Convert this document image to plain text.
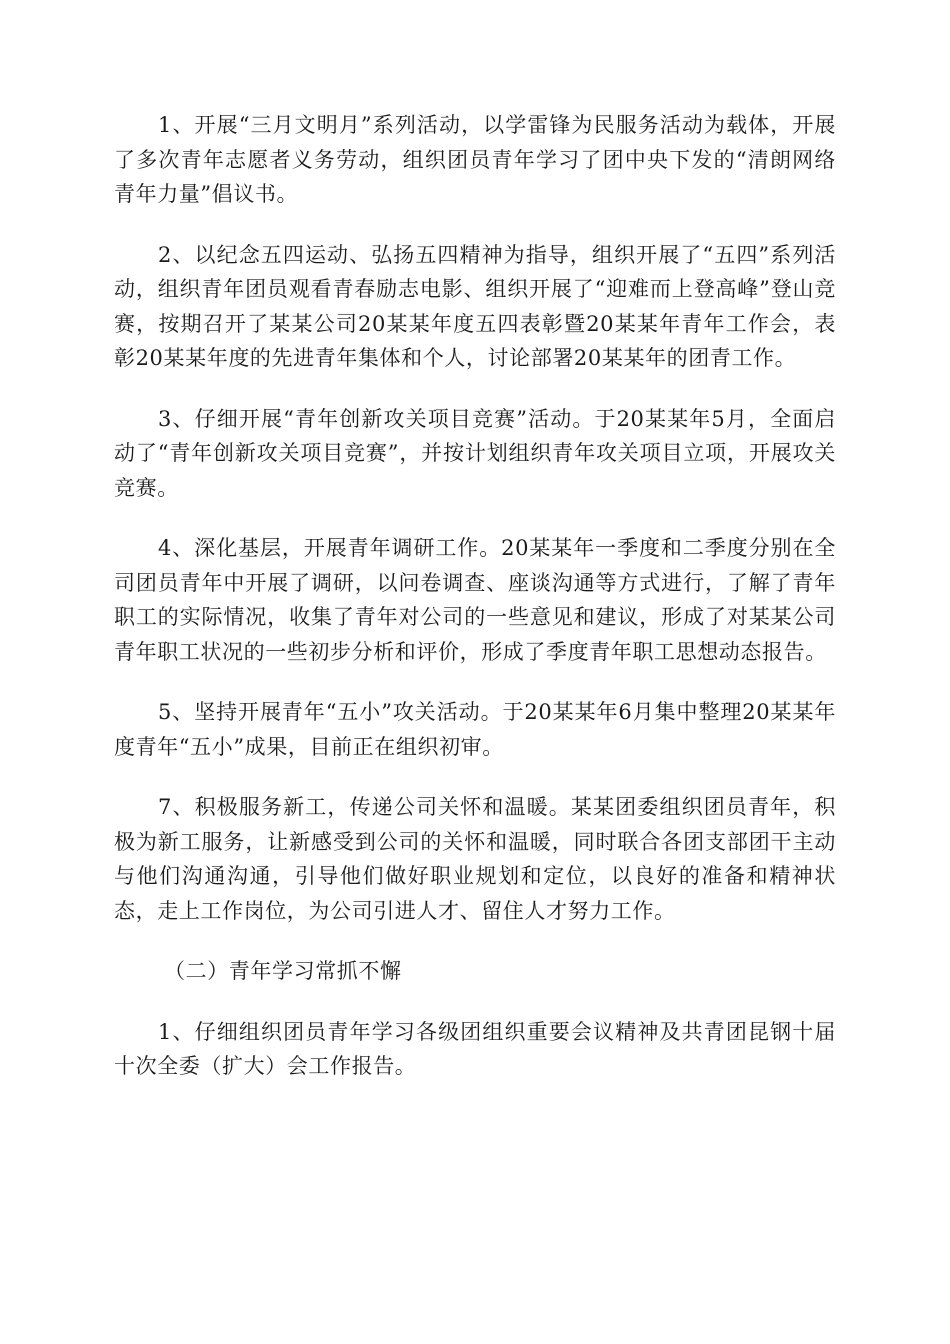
1、开展“三月文明月”系列活动，以学雷锋为民服务活动为载体，开展了多次青年志愿者义务劳动，组织团员青年学习了团中央下发的“清朗网络青年力量”倡议书。

2、以纪念五四运动、弘扬五四精神为指导，组织开展了“五四”系列活动，组织青年团员观看青春励志电影、组织开展了“迎难而上登高峰”登山竞赛，按期召开了某某公司20某某年度五四表彰暨20某某年青年工作会，表彰20某某年度的先进青年集体和个人，讨论部署20某某年的团青工作。

3、仔细开展“青年创新攻关项目竞赛”活动。于20某某年5月，全面启动了“青年创新攻关项目竞赛”，并按计划组织青年攻关项目立项，开展攻关竞赛。

4、深化基层，开展青年调研工作。20某某年一季度和二季度分别在全司团员青年中开展了调研，以问卷调查、座谈沟通等方式进行，了解了青年职工的实际情况，收集了青年对公司的一些意见和建议，形成了对某某公司青年职工状况的一些初步分析和评价，形成了季度青年职工思想动态报告。

5、坚持开展青年“五小”攻关活动。于20某某年6月集中整理20某某年度青年“五小”成果，目前正在组织初审。

7、积极服务新工，传递公司关怀和温暖。某某团委组织团员青年，积极为新工服务，让新感受到公司的关怀和温暖，同时联合各团支部团干主动与他们沟通沟通，引导他们做好职业规划和定位，以良好的准备和精神状态，走上工作岗位，为公司引进人才、留住人才努力工作。

（二）青年学习常抓不懈

1、仔细组织团员青年学习各级团组织重要会议精神及共青团昆钢十届十次全委（扩大）会工作报告。
